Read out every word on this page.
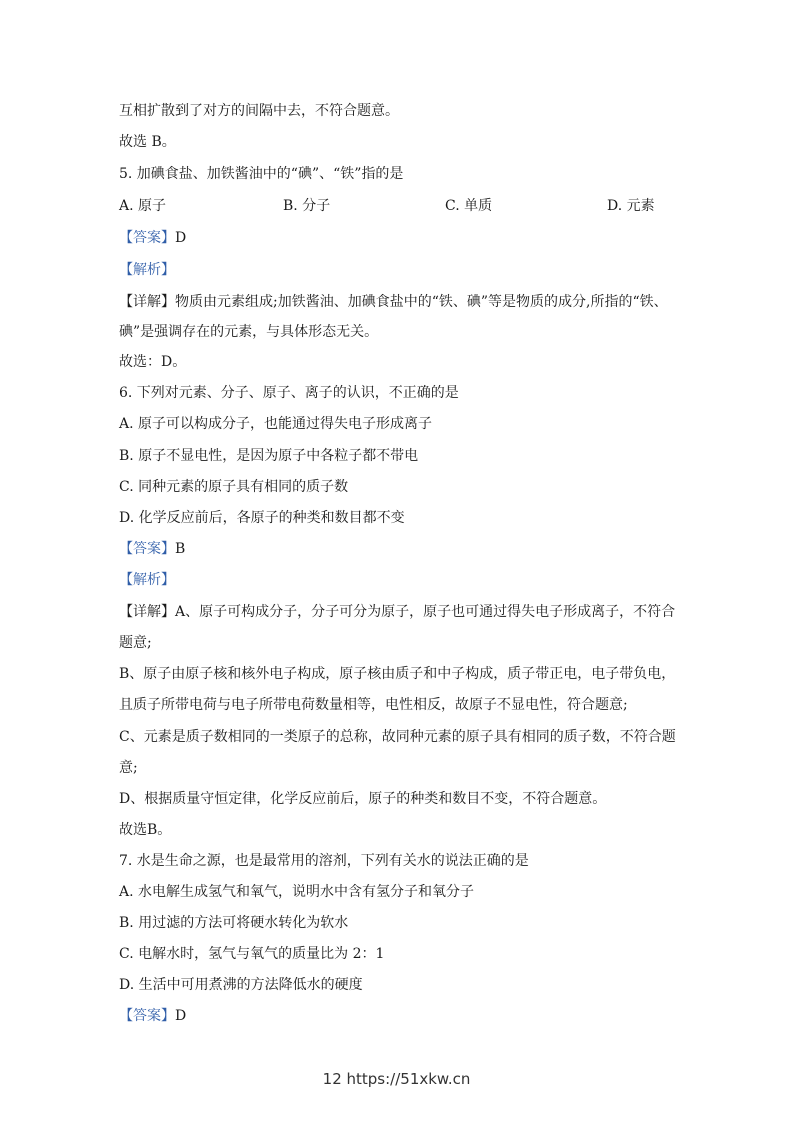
互相扩散到了对方的间隔中去，不符合题意。
故选 B。
5. 加碘食盐、加铁酱油中的“碘”、“铁”指的是
A. 原子	B. 分子	C. 单质	D. 元素
【答案】D
【解析】
【详解】物质由元素组成;加铁酱油、加碘食盐中的“铁、碘”等是物质的成分,所指的“铁、
碘”是强调存在的元素，与具体形态无关。
故选：D。
6. 下列对元素、分子、原子、离子的认识，不正确的是
A. 原子可以构成分子，也能通过得失电子形成离子
B. 原子不显电性，是因为原子中各粒子都不带电
C. 同种元素的原子具有相同的质子数
D. 化学反应前后，各原子的种类和数目都不变
【答案】B
【解析】
【详解】A、原子可构成分子，分子可分为原子，原子也可通过得失电子形成离子，不符合
题意;
B、原子由原子核和核外电子构成，原子核由质子和中子构成，质子带正电，电子带负电，
且质子所带电荷与电子所带电荷数量相等，电性相反，故原子不显电性，符合题意;
C、元素是质子数相同的一类原子的总称，故同种元素的原子具有相同的质子数，不符合题
意;
D、根据质量守恒定律，化学反应前后，原子的种类和数目不变，不符合题意。
故选B。
7. 水是生命之源，也是最常用的溶剂，下列有关水的说法正确的是
A. 水电解生成氢气和氧气，说明水中含有氢分子和氧分子
B. 用过滤的方法可将硬水转化为软水
C. 电解水时，氢气与氧气的质量比为 2：1
D. 生活中可用煮沸的方法降低水的硬度
【答案】D
12 https://51xkw.cn
